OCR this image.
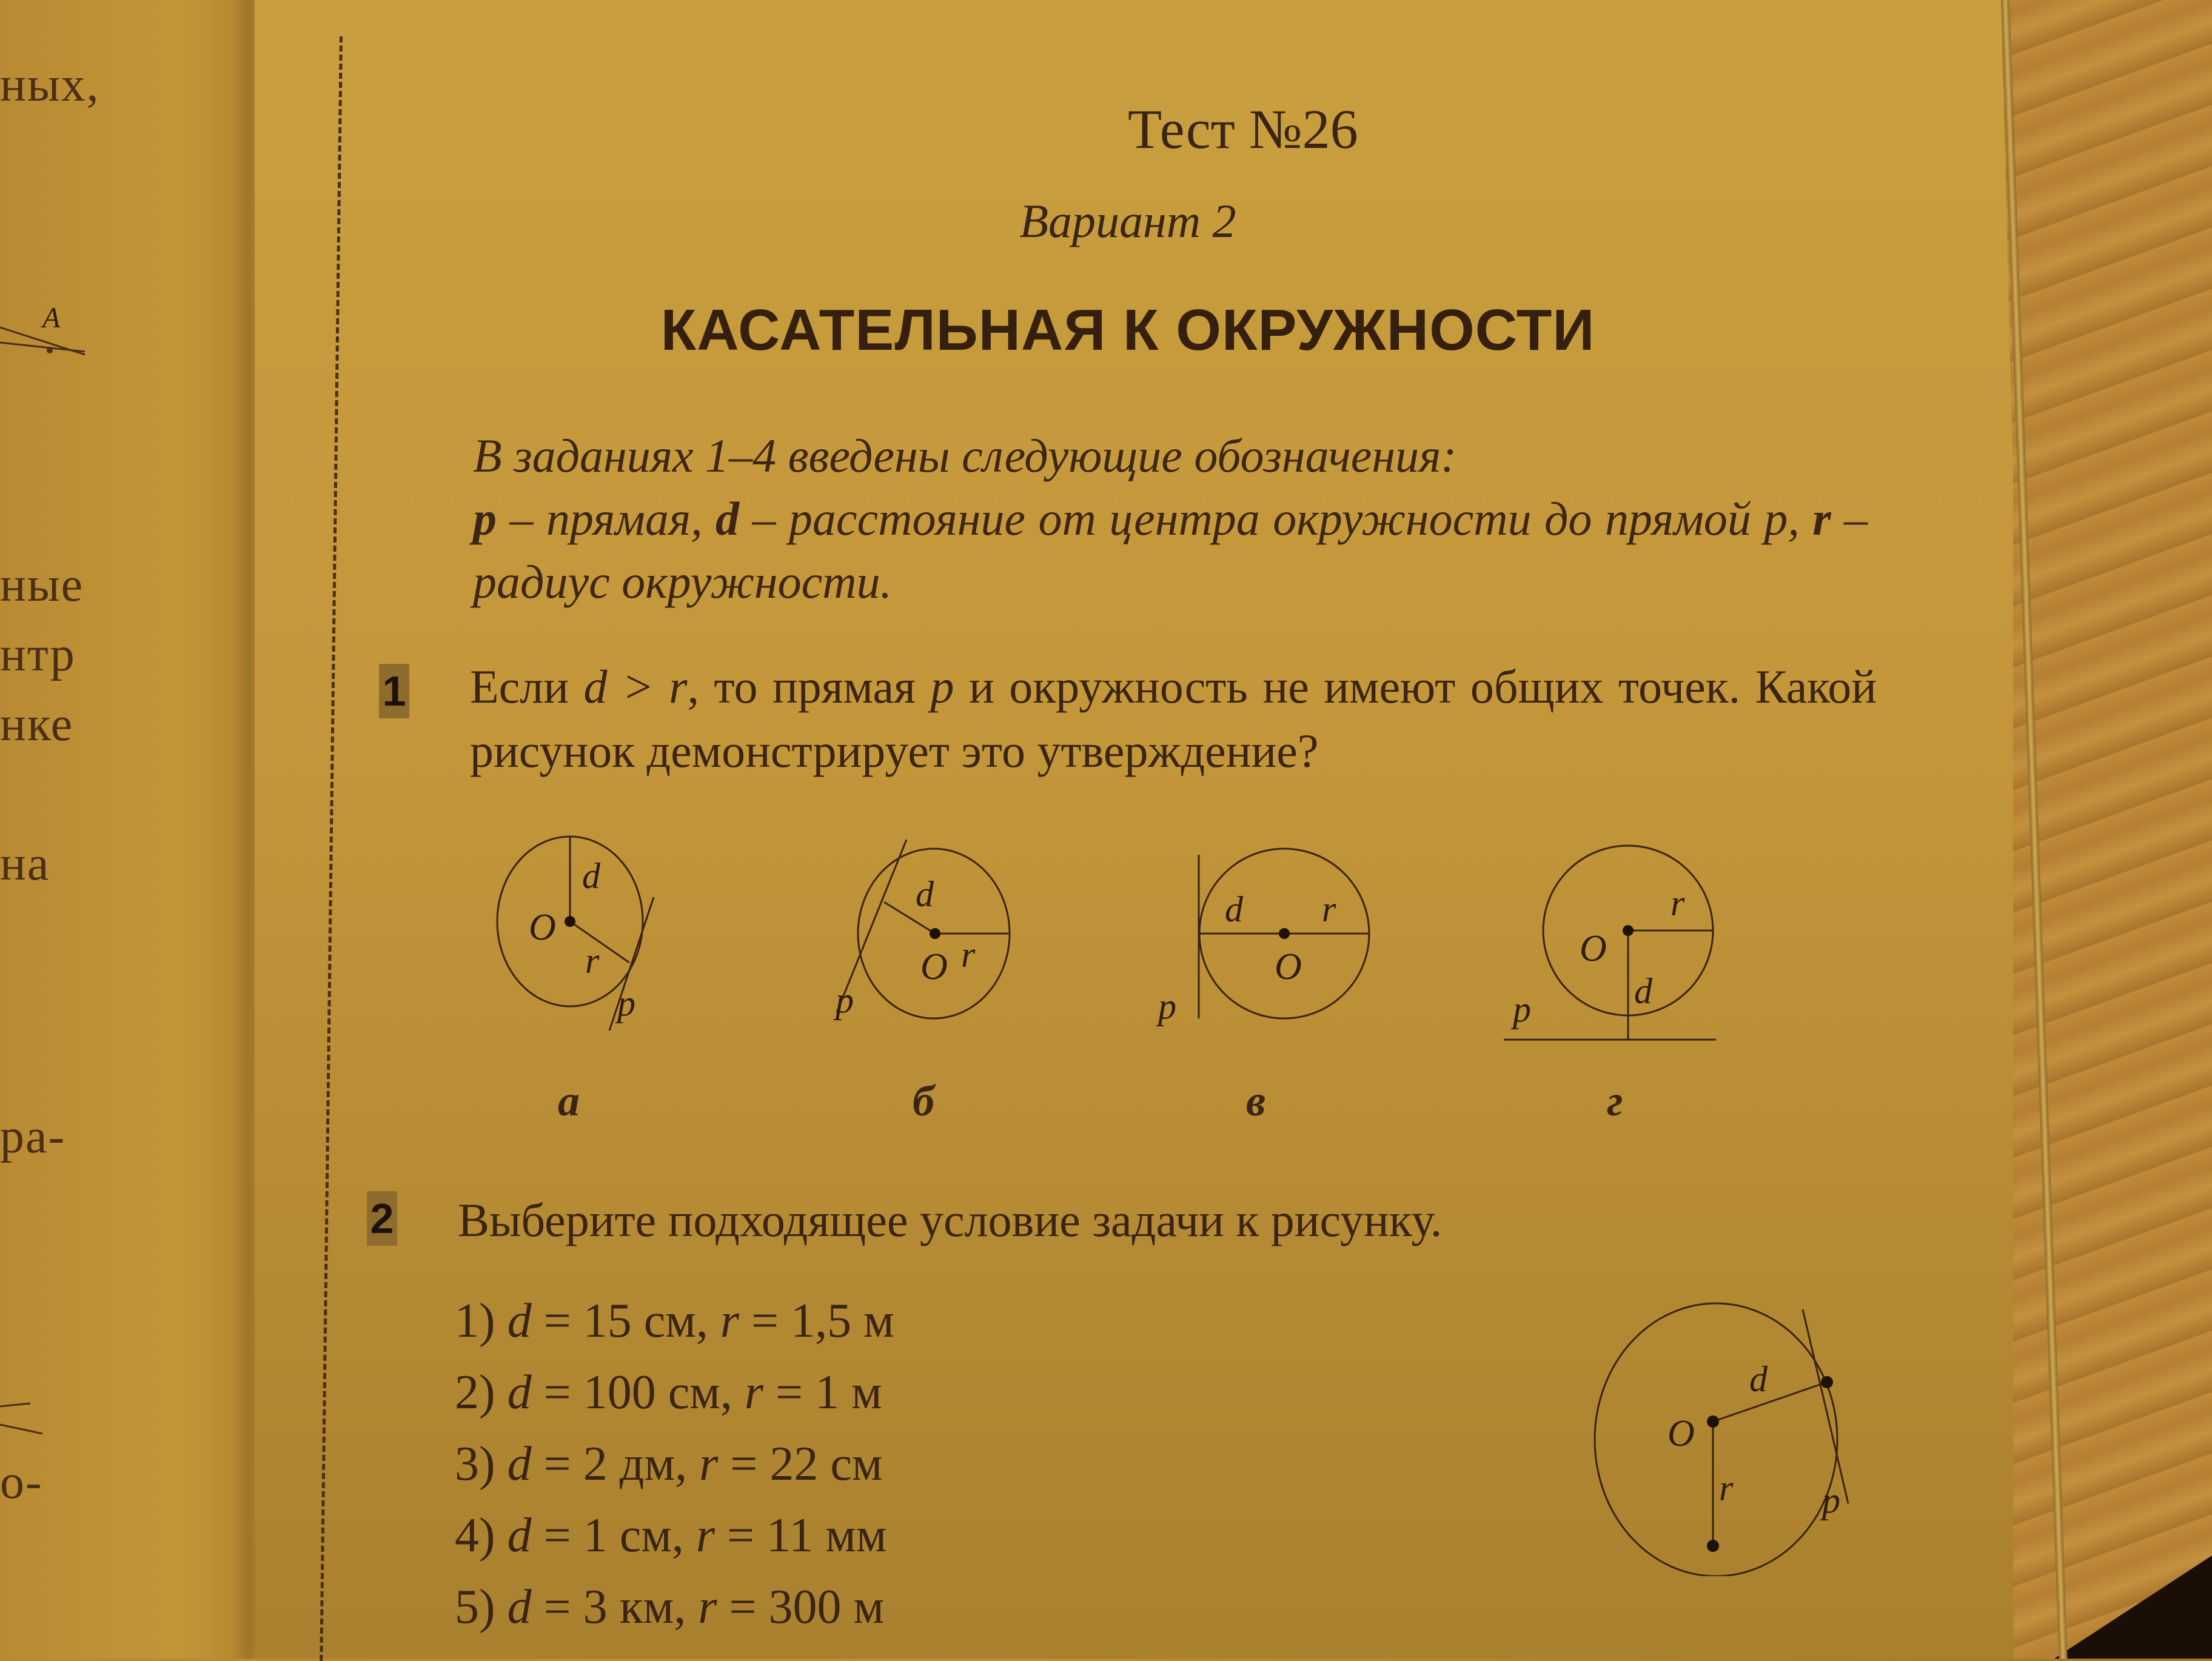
ных,
ные
нтр
нке
на
ра-
о-
A
Вариант 2
КАСАТЕЛЬНАЯ К ОКРУЖНОСТИ
В заданиях 1–4 введены следующие обозначения:
p – прямая, d – расстояние от центра окружности до прямой p, r – радиус окружности.
1 Если d > r, то прямая p и окружность не имеют общих точек. Какой рисунок демонстрирует это утверждение?
d
O
r
p
а
d
O r
p
б
d r
O
p
в
r
O
d
p
г
2 Выберите подходящее условие задачи к рисунку.
1) d = 15 см, r = 1,5 м
2) d = 100 см, r = 1 м
3) d = 2 дм, r = 22 см
4) d = 1 см, r = 11 мм
5) d = 3 км, r = 300 м
d
O
r p
